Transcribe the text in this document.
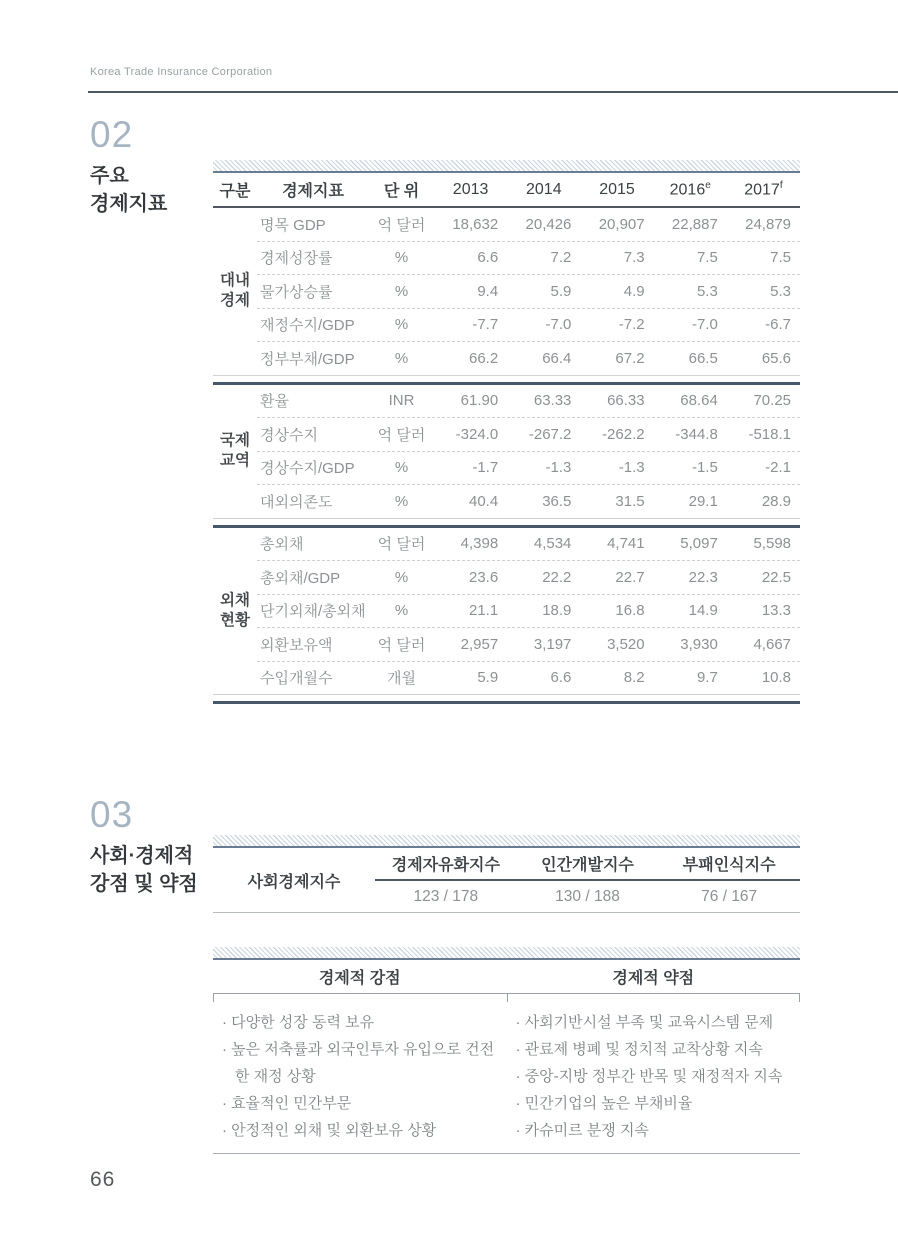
Korea Trade Insurance Corporation
02
주요
경제지표
구분	경제지표	단 위	2013	2014	2015	2016e	2017$^f$
대내
경제
명목 GDP	억 달러	18,632	20,426	20,907	22,887	24,879
경제성장률	%	6.6	7.2	7.3	7.5	7.5
물가상승률	%	9.4	5.9	4.9	5.3	5.3
재정수지/GDP	%	-7.7	-7.0	-7.2	-7.0	-6.7
정부부채/GDP	%	66.2	66.4	67.2	66.5	65.6
국제
교역
환율	INR	61.90	63.33	66.33	68.64	70.25
경상수지	억 달러	-324.0	-267.2	-262.2	-344.8	-518.1
경상수지/GDP	%	-1.7	-1.3	-1.3	-1.5	-2.1
대외의존도	%	40.4	36.5	31.5	29.1	28.9
외채
현황
총외채	억 달러	4,398	4,534	4,741	5,097	5,598
총외채/GDP	%	23.6	22.2	22.7	22.3	22.5
단기외채/총외채	%	21.1	18.9	16.8	14.9	13.3
외환보유액	억 달러	2,957	3,197	3,520	3,930	4,667
수입개월수	개월	5.9	6.6	8.2	9.7	10.8
03
사회·경제적
강점 및 약점	사회경제지수
경제자유화지수	인간개발지수	부패인식지수
123 / 178	130 / 188	76 / 167
경제적 강점	경제적 약점
· 다양한 성장 동력 보유
· 높은 저축률과 외국인투자 유입으로 건전한 재정 상황
· 효율적인 민간부문
· 안정적인 외채 및 외환보유 상황
· 사회기반시설 부족 및 교육시스템 문제
· 관료제 병폐 및 정치적 교착상황 지속
· 중앙-지방 정부간 반목 및 재정적자 지속
· 민간기업의 높은 부채비율
· 카슈미르 분쟁 지속
66
